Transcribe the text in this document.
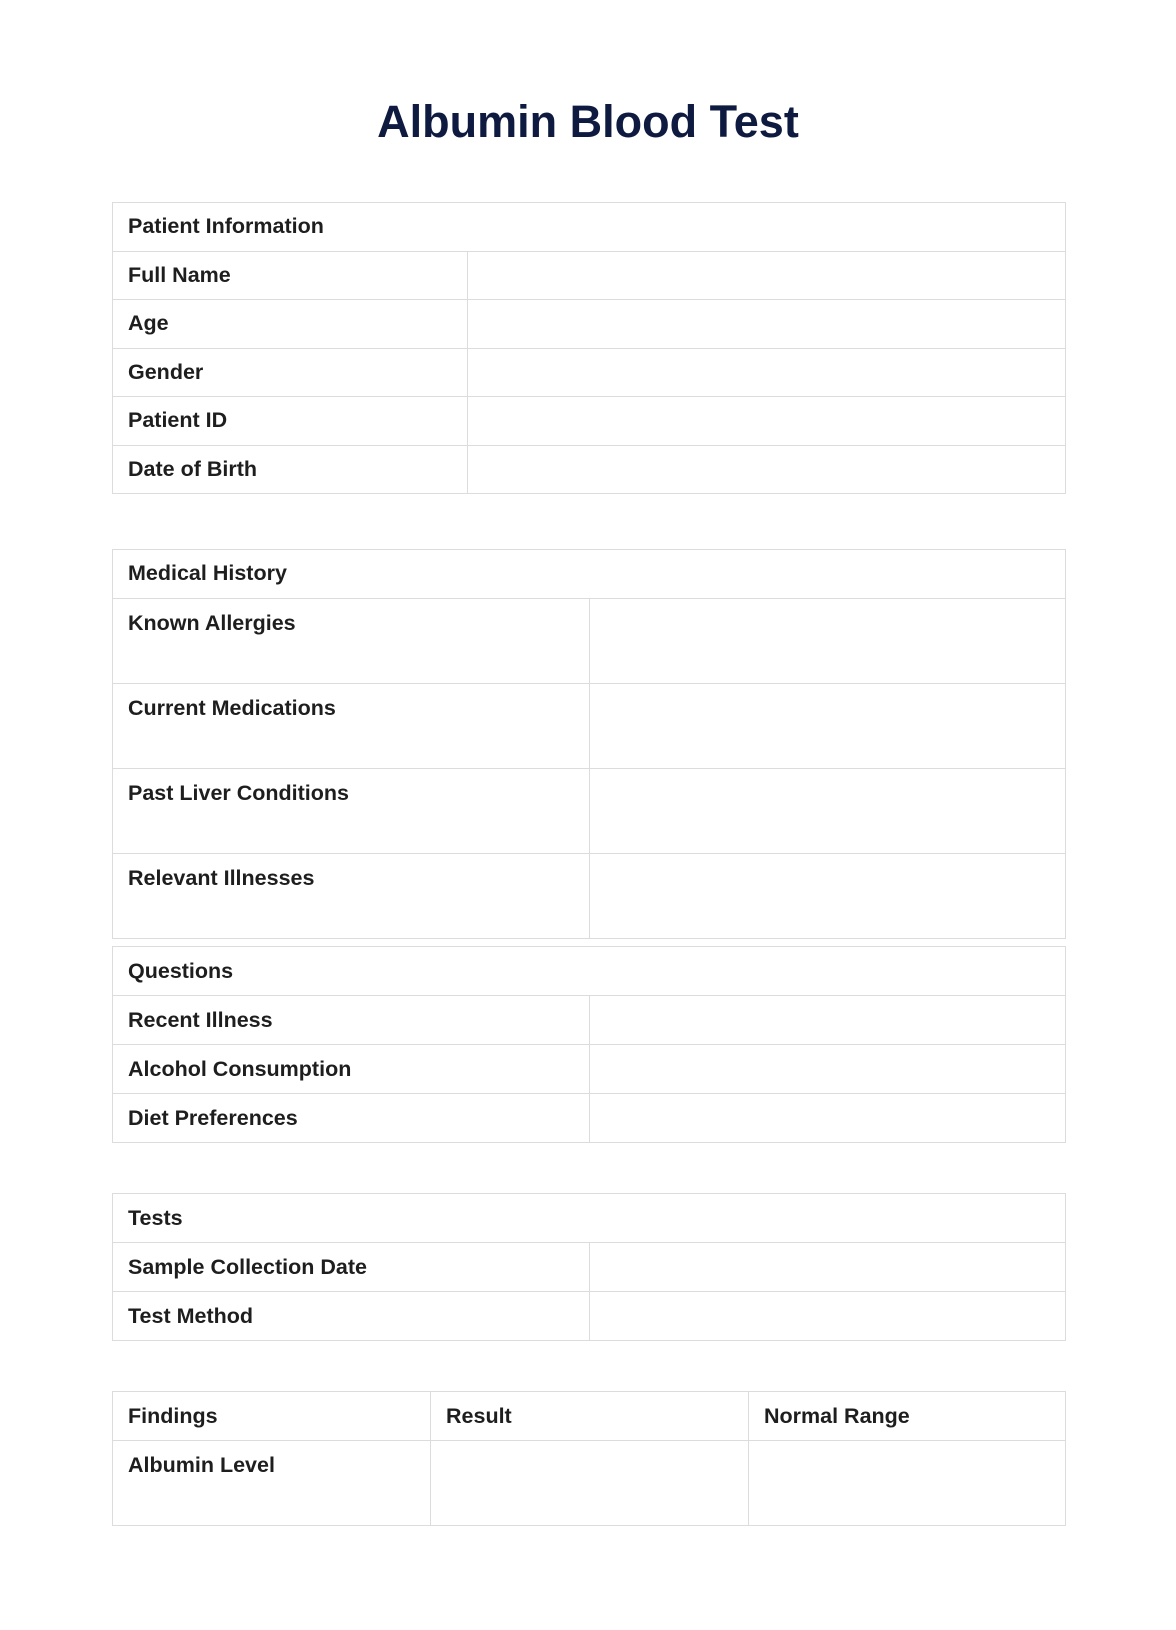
Albumin Blood Test
Patient Information	
Full Name	
Age	
Gender	
Patient ID	
Date of Birth	
Medical History	
Known Allergies	
Current Medications	
Past Liver Conditions	
Relevant Illnesses	
Questions	
Recent Illness	
Alcohol Consumption	
Diet Preferences	
Tests	
Sample Collection Date	
Test Method	
Findings	Result	Normal Range
Albumin Level		
